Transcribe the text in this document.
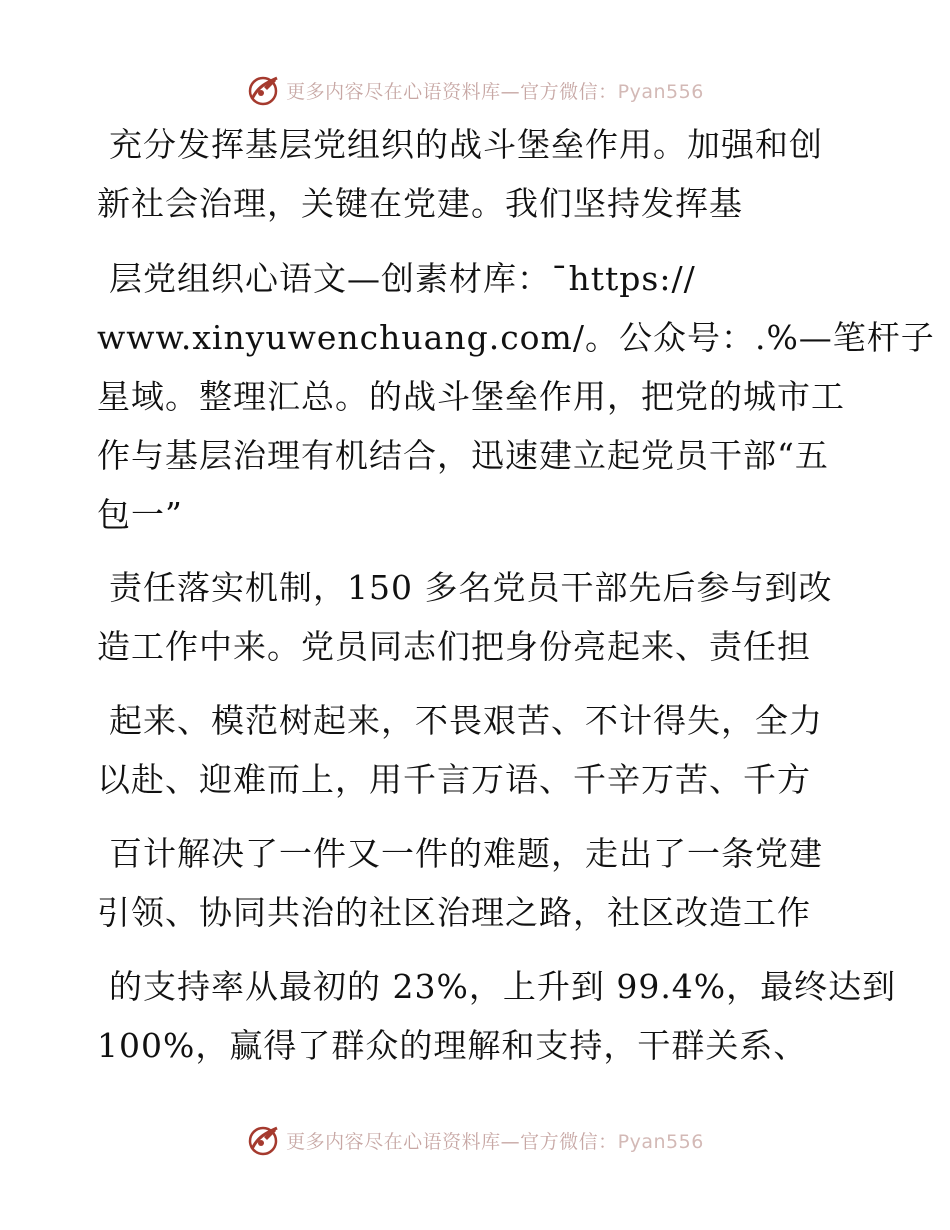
更多内容尽在心语资料库—官方微信：Pyan556
充分发挥基层党组织的战斗堡垒作用。加强和创
新社会治理，关键在党建。我们坚持发挥基
层党组织心语文—创素材库：¯https://
www.xinyuwenchuang.com/。公众号：.%—笔杆子
星域。整理汇总。的战斗堡垒作用，把党的城市工
作与基层治理有机结合，迅速建立起党员干部“五
包一”
责任落实机制，150 多名党员干部先后参与到改
造工作中来。党员同志们把身份亮起来、责任担
起来、模范树起来，不畏艰苦、不计得失，全力
以赴、迎难而上，用千言万语、千辛万苦、千方
百计解决了一件又一件的难题，走出了一条党建
引领、协同共治的社区治理之路，社区改造工作
的支持率从最初的 23%，上升到 99.4%，最终达到
100%，赢得了群众的理解和支持，干群关系、
更多内容尽在心语资料库—官方微信：Pyan556
